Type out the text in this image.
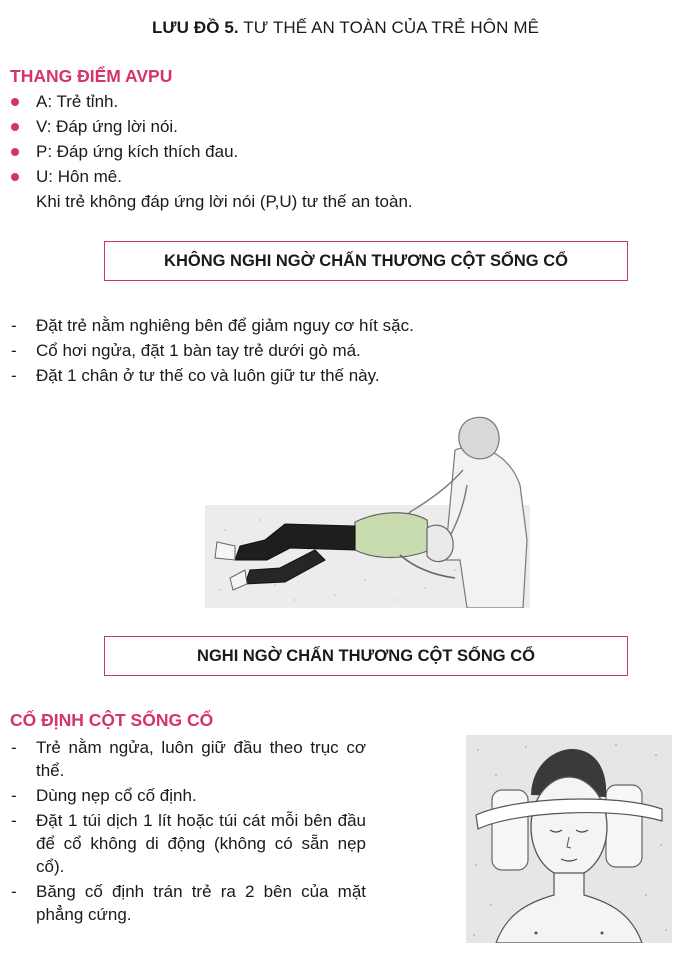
LƯU ĐỒ 5. TƯ THẾ AN TOÀN CỦA TRẺ HÔN MÊ
THANG ĐIỂM AVPU
A: Trẻ tỉnh.
V: Đáp ứng lời nói.
P: Đáp ứng kích thích đau.
U: Hôn mê.
Khi trẻ không đáp ứng lời nói (P,U) tư thế an toàn.
KHÔNG NGHI NGỜ CHẤN THƯƠNG CỘT SỐNG CỔ
- Đặt trẻ nằm nghiêng bên để giảm nguy cơ hít sặc.
- Cổ hơi ngửa, đặt 1 bàn tay trẻ dưới gò má.
- Đặt 1 chân ở tư thế co và luôn giữ tư thế này.
NGHI NGỜ CHẤN THƯƠNG CỘT SỐNG CỔ
CỐ ĐỊNH CỘT SỐNG CỔ
- Trẻ nằm ngửa, luôn giữ đầu theo trục cơ thể.
- Dùng nẹp cổ cố định.
- Đặt 1 túi dịch 1 lít hoặc túi cát mỗi bên đầu để cổ không di động (không có sẵn nẹp cổ).
- Băng cố định trán trẻ ra 2 bên của mặt phẳng cứng.
